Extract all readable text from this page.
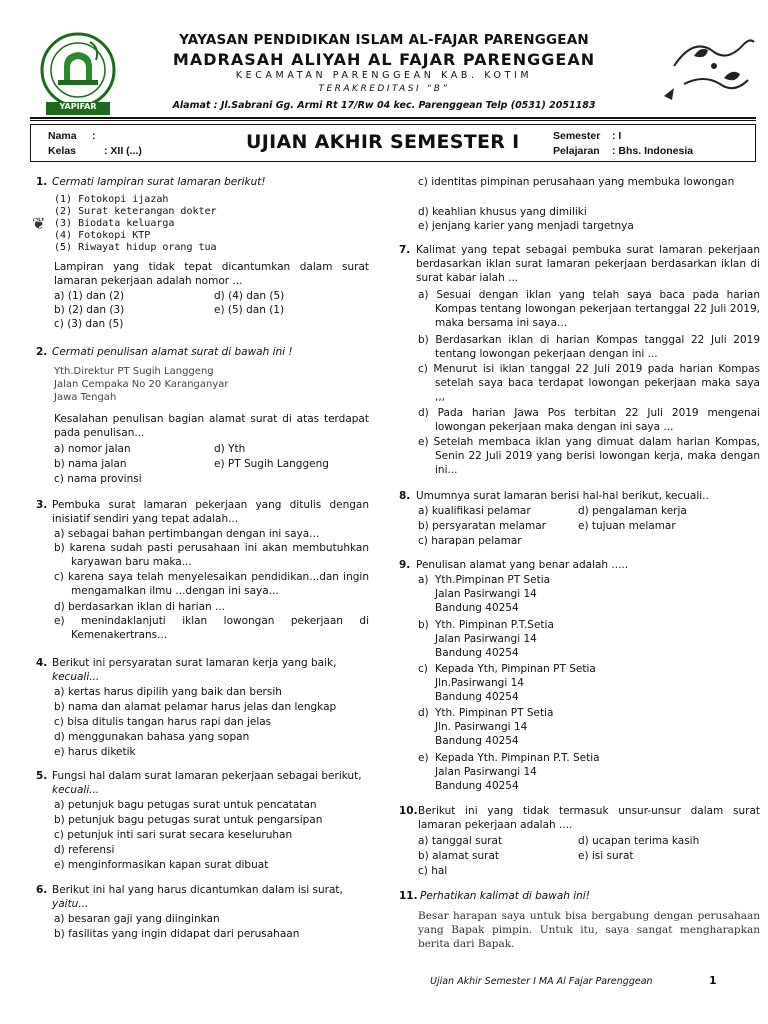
YAPIFAR
YAYASAN PENDIDIKAN ISLAM AL-FAJAR PARENGGEAN
MADRASAH ALIYAH AL FAJAR PARENGGEAN
KECAMATAN PARENGGEAN KAB. KOTIM
TERAKREDITASI “B”
Alamat : Jl.Sabrani Gg. Armi Rt 17/Rw 04 kec. Parenggean Telp (0531) 2051183
Nama :
Kelas	: XII (...)	UJIAN AKHIR SEMESTER I	Semester : I
Pelajaran : Bhs. Indonesia
1. Cermati lampiran surat lamaran berikut!
(1) Fotokopi ijazah
(2) Surat keterangan dokter
(3) Biodata keluarga
(4) Fotokopi KTP
(5) Riwayat hidup orang tua
❦
Lampiran yang tidak tepat dicantumkan dalam surat lamaran pekerjaan adalah nomor ...
a) (1) dan (2)
b) (2) dan (3)
c) (3) dan (5)
d) (4) dan (5)
e) (5) dan (1)
2. Cermati penulisan alamat surat di bawah ini !
Yth.Direktur PT Sugih Langgeng
Jalan Cempaka No 20 Karanganyar
Jawa Tengah
Kesalahan penulisan bagian alamat surat di atas terdapat pada penulisan...
a) nomor jalan
b) nama jalan
c) nama provinsi
d) Yth
e) PT Sugih Langgeng
3. Pembuka surat lamaran pekerjaan yang ditulis dengan inisiatif sendiri yang tepat adalah...
a) sebagai bahan pertimbangan dengan ini saya...
b) karena sudah pasti perusahaan ini akan membutuhkan karyawan baru maka...
c) karena saya telah menyelesaikan pendidikan...dan ingin mengamalkan ilmu ...dengan ini saya...
d) berdasarkan iklan di harian ...
e) menindaklanjuti iklan lowongan pekerjaan di Kemenakertrans...
4. Berikut ini persyaratan surat lamaran kerja yang baik,
kecuali...
a) kertas harus dipilih yang baik dan bersih
b) nama dan alamat pelamar harus jelas dan lengkap
c) bisa ditulis tangan harus rapi dan jelas
d) menggunakan bahasa yang sopan
e) harus diketik
5. Fungsi hal dalam surat lamaran pekerjaan sebagai berikut, kecuali...
a) petunjuk bagu petugas surat untuk pencatatan
b) petunjuk bagu petugas surat untuk pengarsipan
c) petunjuk inti sari surat secara keseluruhan
d) referensi
e) menginformasikan kapan surat dibuat
6. Berikut ini hal yang harus dicantumkan dalam isi surat,
yaitu...
a) besaran gaji yang diinginkan
b) fasilitas yang ingin didapat dari perusahaan
c) identitas pimpinan perusahaan yang membuka lowongan
d) keahlian khusus yang dimiliki
e) jenjang karier yang menjadi targetnya
7. Kalimat yang tepat sebagai pembuka surat lamaran pekerjaan berdasarkan iklan surat lamaran pekerjaan berdasarkan iklan di surat kabar ialah ...
a) Sesuai dengan iklan yang telah saya baca pada harian Kompas tentang lowongan pekerjaan tertanggal 22 Juli 2019, maka bersama ini saya...
b) Berdasarkan iklan di harian Kompas tanggal 22 Juli 2019 tentang lowongan pekerjaan dengan ini ...
c) Menurut isi iklan tanggal 22 Juli 2019 pada harian Kompas setelah saya baca terdapat lowongan pekerjaan maka saya ,,,
d) Pada harian Jawa Pos terbitan 22 Juli 2019 mengenai lowongan pekerjaan maka dengan ini saya ...
e) Setelah membaca iklan yang dimuat dalam harian Kompas, Senin 22 Juli 2019 yang berisi lowongan kerja, maka dengan ini...
8. Umumnya surat lamaran berisi hal-hal berikut, kecuali..
a) kualifikasi pelamar
b) persyaratan melamar
c) harapan pelamar
d) pengalaman kerja
e) tujuan melamar
9. Penulisan alamat yang benar adalah .....
a) Yth.Pimpinan PT Setia
Jalan Pasirwangi 14
Bandung 40254
b) Yth. Pimpinan P.T.Setia
Jalan Pasirwangi 14
Bandung 40254
c) Kepada Yth, Pimpinan PT Setia
Jln.Pasirwangi 14
Bandung 40254
d) Yth. Pimpinan PT Setia
Jln. Pasirwangi 14
Bandung 40254
e) Kepada Yth. Pimpinan P.T. Setia
Jalan Pasirwangi 14
Bandung 40254
10. Berikut ini yang tidak termasuk unsur-unsur dalam surat lamaran pekerjaan adalah ....
a) tanggal surat
b) alamat surat
c) hal
d) ucapan terima kasih
e) isi surat
11. Perhatikan kalimat di bawah ini!
Besar harapan saya untuk bisa bergabung dengan perusahaan yang Bapak pimpin. Untuk itu, saya sangat mengharapkan berita dari Bapak.
Ujian Akhir Semester I MA Al Fajar Parenggean	1
